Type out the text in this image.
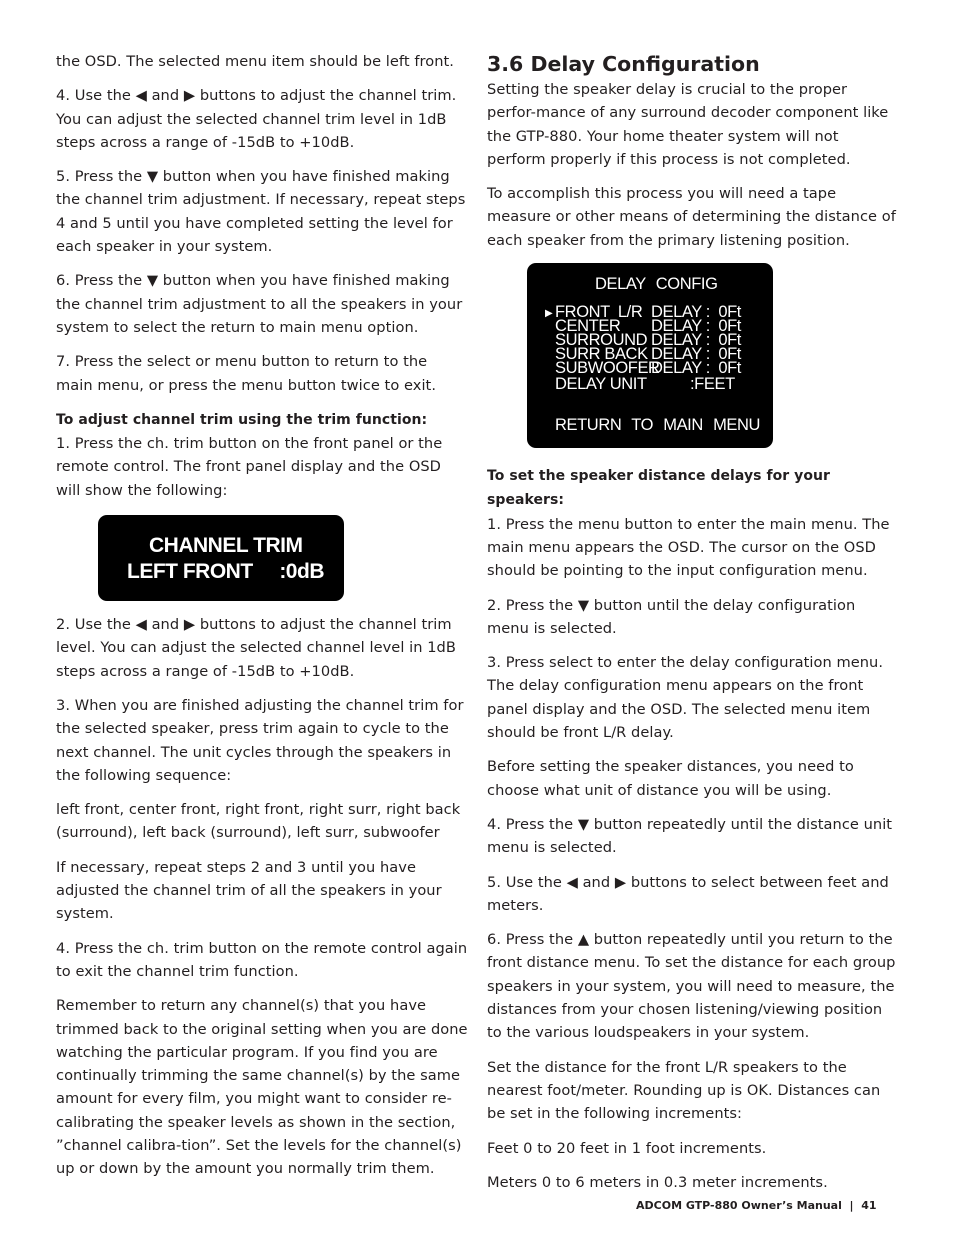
the OSD. The selected menu item should be left front.

4. Use the ◀ and ▶ buttons to adjust the channel trim. You can adjust the selected channel trim level in 1dB steps across a range of -15dB to +10dB.

5. Press the ▼ button when you have finished making the channel trim adjustment. If necessary, repeat steps 4 and 5 until you have completed setting the level for each speaker in your system.

6. Press the ▼ button when you have finished making the channel trim adjustment to all the speakers in your system to select the return to main menu option.

7. Press the select or menu button to return to the main menu, or press the menu button twice to exit.

To adjust channel trim using the trim function:
1. Press the ch. trim button on the front panel or the remote control. The front panel display and the OSD will show the following:

CHANNEL TRIM
LEFT FRONT     :0dB

2. Use the ◀ and ▶ buttons to adjust the channel trim level. You can adjust the selected channel level in 1dB steps across a range of -15dB to +10dB.

3. When you are finished adjusting the channel trim for the selected speaker, press trim again to cycle to the next channel. The unit cycles through the speakers in the following sequence:

left front, center front, right front, right surr, right back (surround), left back (surround), left surr, subwoofer

If necessary, repeat steps 2 and 3 until you have adjusted the channel trim of all the speakers in your system.

4. Press the ch. trim button on the remote control again to exit the channel trim function.

Remember to return any channel(s) that you have trimmed back to the original setting when you are done watching the particular program. If you find you are continually trimming the same channel(s) by the same amount for every film, you might want to consider re-calibrating the speaker levels as shown in the section, ”channel calibra-tion”. Set the levels for the channel(s) up or down by the amount you normally trim them.

3.6 Delay Configuration

Setting the speaker delay is crucial to the proper perfor-mance of any surround decoder component like the GTP-880. Your home theater system will not perform properly if this process is not completed.

To accomplish this process you will need a tape measure or other means of determining the distance of each speaker from the primary listening position.

DELAY CONFIG
▶ FRONT  L/R DELAY :  0Ft
CENTER	DELAY :  0Ft
SURROUND DELAY :  0Ft
SURR BACK DELAY :  0Ft
SUBWOOFER
DELAY :  0Ft
DELAY UNIT	:FEET
RETURN TO MAIN MENU

To set the speaker distance delays for your speakers:
1. Press the menu button to enter the main menu. The main menu appears the OSD. The cursor on the OSD should be pointing to the input configuration menu.

2. Press the ▼ button until the delay configuration menu is selected.

3. Press select to enter the delay configuration menu. The delay configuration menu appears on the front panel display and the OSD. The selected menu item should be front L/R delay.

Before setting the speaker distances, you need to choose what unit of distance you will be using.

4. Press the ▼ button repeatedly until the distance unit menu is selected.

5. Use the ◀ and ▶ buttons to select between feet and meters.

6. Press the ▲ button repeatedly until you return to the front distance menu. To set the distance for each group speakers in your system, you will need to measure, the distances from your chosen listening/viewing position to the various loudspeakers in your system.

Set the distance for the front L/R speakers to the nearest foot/meter. Rounding up is OK. Distances can be set in the following increments:

Feet 0 to 20 feet in 1 foot increments.

Meters 0 to 6 meters in 0.3 meter increments.

ADCOM GTP-880 Owner’s Manual  |  41
